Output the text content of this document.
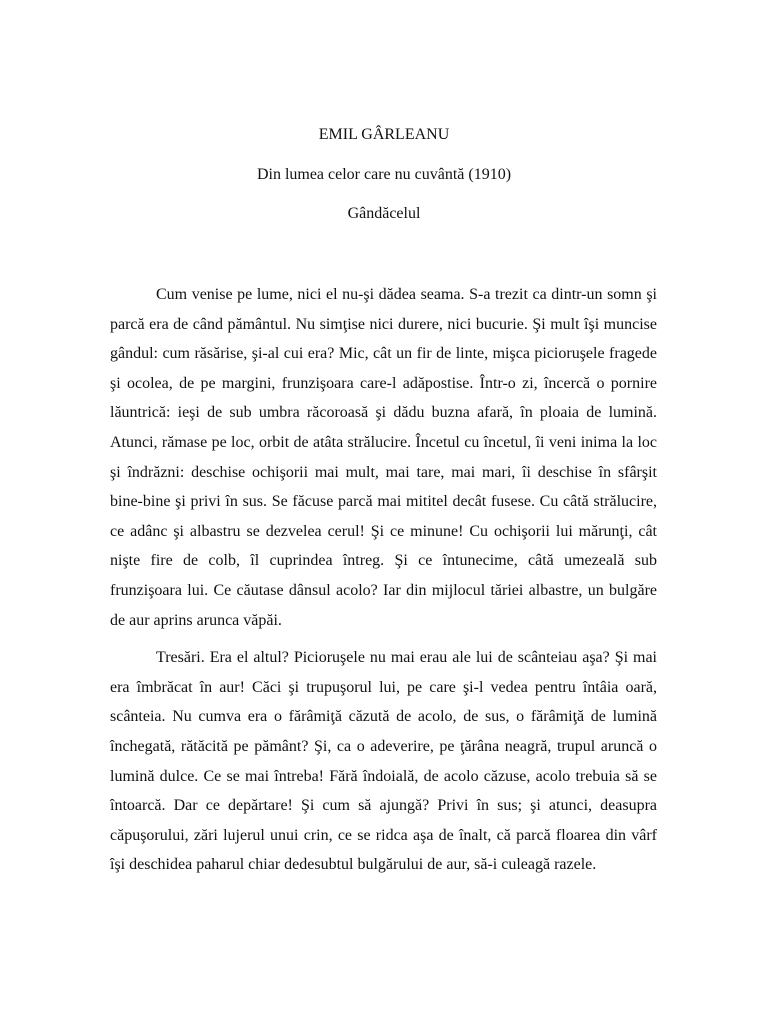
EMIL GÂRLEANU
Din lumea celor care nu cuvântă (1910)
Gândăcelul

Cum venise pe lume, nici el nu-şi dădea seama. S-a trezit ca dintr-un somn şi parcă era de când pământul. Nu simţise nici durere, nici bucurie. Şi mult îşi muncise gândul: cum răsărise, şi-al cui era? Mic, cât un fir de linte, mişca picioruşele fragede şi ocolea, de pe margini, frunzişoara care-l adăpostise. Într-o zi, încercă o pornire lăuntrică: ieşi de sub umbra răcoroasă şi dădu buzna afară, în ploaia de lumină. Atunci, rămase pe loc, orbit de atâta strălucire. Încetul cu încetul, îi veni inima la loc şi îndrăzni: deschise ochişorii mai mult, mai tare, mai mari, îi deschise în sfârşit bine-bine şi privi în sus. Se făcuse parcă mai mititel decât fusese. Cu câtă strălucire, ce adânc şi albastru se dezvelea cerul! Şi ce minune! Cu ochişorii lui mărunţi, cât nişte fire de colb, îl cuprindea întreg. Şi ce întunecime, câtă umezeală sub frunzişoara lui. Ce căutase dânsul acolo? Iar din mijlocul tăriei albastre, un bulgăre de aur aprins arunca văpăi.

Tresări. Era el altul? Picioruşele nu mai erau ale lui de scânteiau aşa? Şi mai era îmbrăcat în aur! Căci şi trupuşorul lui, pe care şi-l vedea pentru întâia oară, scânteia. Nu cumva era o fărâmiţă căzută de acolo, de sus, o fărâmiţă de lumină închegată, rătăcită pe pământ? Şi, ca o adeverire, pe ţărâna neagră, trupul aruncă o lumină dulce. Ce se mai întreba! Fără îndoială, de acolo căzuse, acolo trebuia să se întoarcă. Dar ce depărtare! Şi cum să ajungă? Privi în sus; şi atunci, deasupra căpuşorului, zări lujerul unui crin, ce se ridca aşa de înalt, că parcă floarea din vârf îşi deschidea paharul chiar dedesubtul bulgărului de aur, să-i culeagă razele.
